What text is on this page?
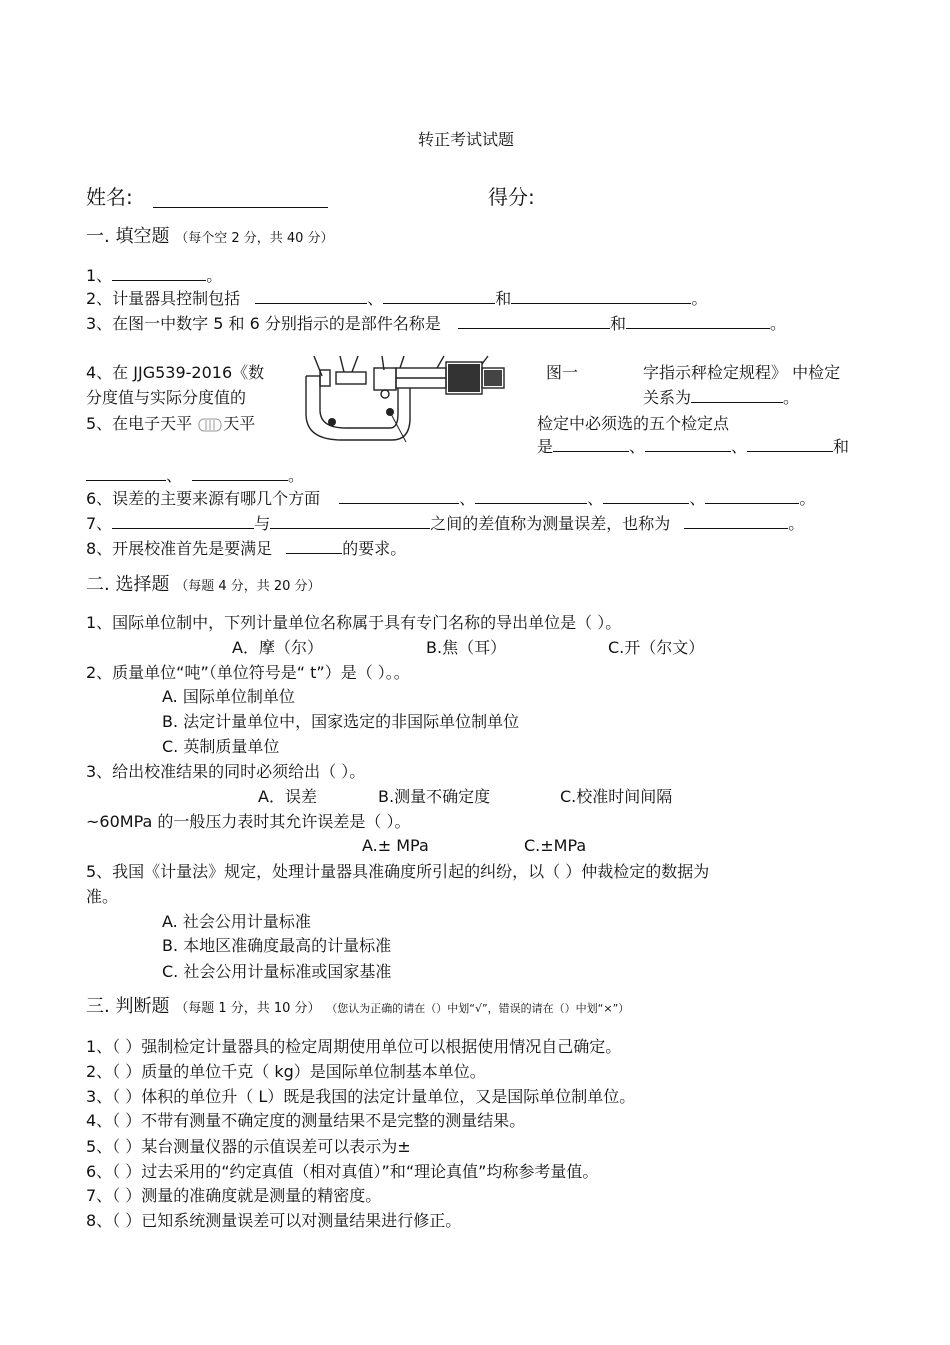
转正考试试题
姓名:	得分:
一. 填空题 （每个空 2 分，共 40 分）
1、	。
2、计量器具控制包括	、	和	。
3、在图一中数字 5 和 6 分别指示的是部件名称是	和	。
4、在 JJG539-2016《数
分度值与实际分度值的
图一	字指示秤检定规程》 中检定
关系为	。
5、在电子天平 天平	检定中必须选的五个检定点
是	、	、	和
、	。
6、误差的主要来源有哪几个方面	、	、	、	。
7、	与	之间的差值称为测量误差，也称为	。
8、开展校准首先是要满足	的要求。
二. 选择题 （每题 4 分，共 20 分）
1、国际单位制中，下列计量单位名称属于具有专门名称的导出单位是（ ）。
A．摩（尔）	B.焦（耳）	C.开（尔文）
2、质量单位“吨”（单位符号是“ t”）是（ ）。。
A. 国际单位制单位
B. 法定计量单位中，国家选定的非国际单位制单位
C. 英制质量单位
3、给出校准结果的同时必须给出（ ）。
A．误差	B.测量不确定度	C.校准时间间隔
~60MPa 的一般压力表时其允许误差是（ ）。
A.± MPa	C.±MPa
5、我国《计量法》规定，处理计量器具准确度所引起的纠纷，以（ ）仲裁检定的数据为
准。
A. 社会公用计量标准
B. 本地区准确度最高的计量标准
C. 社会公用计量标准或国家基准
三. 判断题 （每题 1 分，共 10 分） （您认为正确的请在（）中划“√”，错误的请在（）中划“×”）
1、（ ）强制检定计量器具的检定周期使用单位可以根据使用情况自己确定。
2、（ ）质量的单位千克（ kg）是国际单位制基本单位。
3、（ ）体积的单位升（ L）既是我国的法定计量单位，又是国际单位制单位。
4、（ ）不带有测量不确定度的测量结果不是完整的测量结果。
5、（ ）某台测量仪器的示值误差可以表示为±
6、（ ）过去采用的“约定真值（相对真值）”和“理论真值”均称参考量值。
7、（ ）测量的准确度就是测量的精密度。
8、（ ）已知系统测量误差可以对测量结果进行修正。
